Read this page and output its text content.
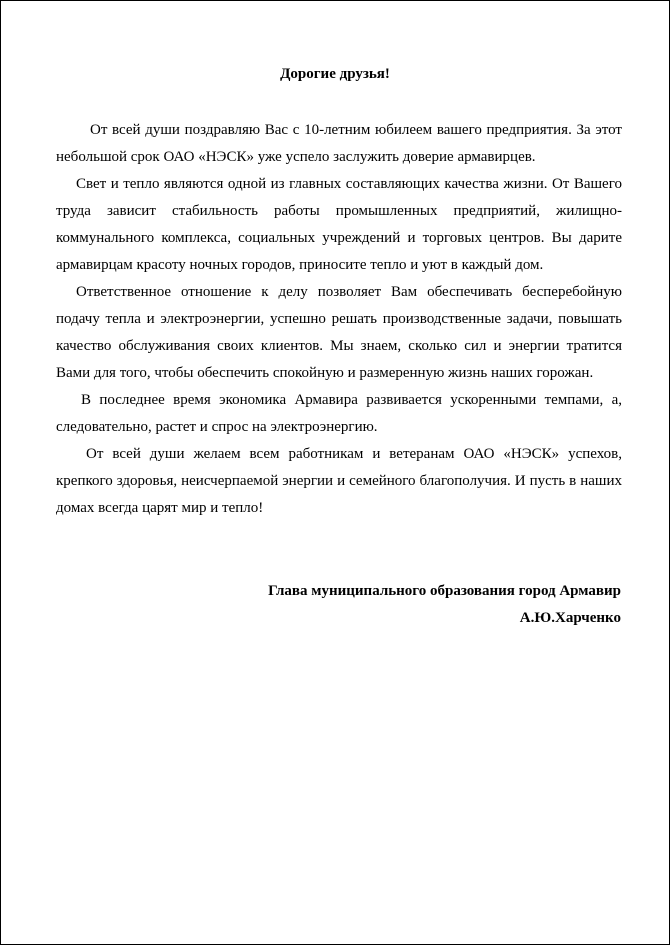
Дорогие друзья!

От всей души поздравляю Вас с 10-летним юбилеем вашего предприятия. За этот небольшой срок ОАО «НЭСК» уже успело заслужить доверие армавирцев.

Свет и тепло являются одной из главных составляющих качества жизни. От Вашего труда зависит стабильность работы промышленных предприятий, жилищно-коммунального комплекса, социальных учреждений и торговых центров. Вы дарите армавирцам красоту ночных городов, приносите тепло и уют в каждый дом.

Ответственное отношение к делу позволяет Вам обеспечивать бесперебойную подачу тепла и электроэнергии, успешно решать производственные задачи, повышать качество обслуживания своих клиентов. Мы знаем, сколько сил и энергии тратится Вами для того, чтобы обеспечить спокойную и размеренную жизнь наших горожан.

В последнее время экономика Армавира развивается ускоренными темпами, а, следовательно, растет и спрос на электроэнергию.

От всей души желаем всем работникам и ветеранам ОАО «НЭСК» успехов, крепкого здоровья, неисчерпаемой энергии и семейного благополучия. И пусть в наших домах всегда царят мир и тепло!

Глава муниципального образования город Армавир
А.Ю.Харченко
